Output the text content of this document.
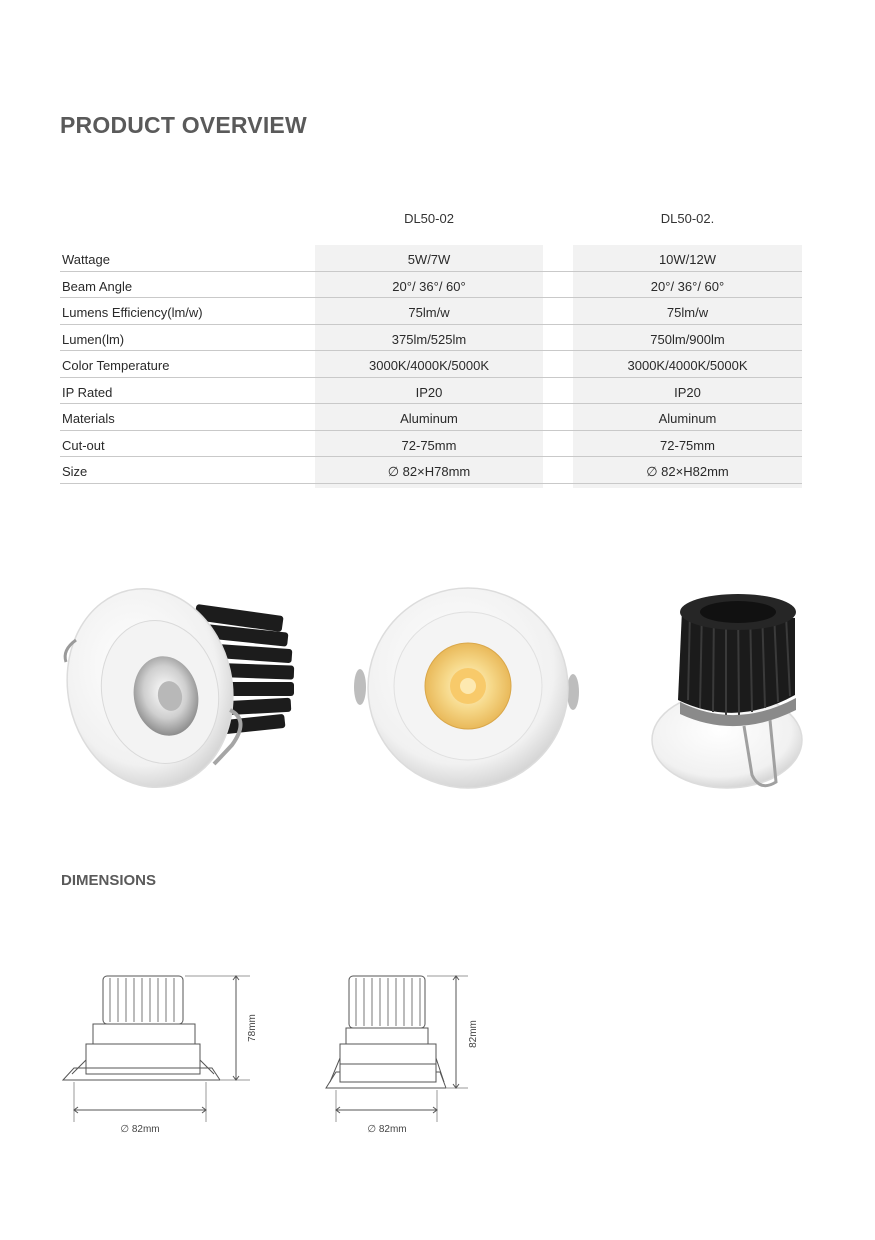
PRODUCT OVERVIEW
DL50-02	DL50-02.
Wattage	5W/7W	10W/12W
Beam Angle	20°/ 36°/ 60°	20°/ 36°/ 60°
Lumens Efficiency(lm/w)	75lm/w	75lm/w
Lumen(lm)	375lm/525lm	750lm/900lm
Color Temperature	3000K/4000K/5000K	3000K/4000K/5000K
IP Rated	IP20	IP20
Materials	Aluminum	Aluminum
Cut-out	72-75mm	72-75mm
Size	∅ 82×H78mm	∅ 82×H82mm
DIMENSIONS
78mm
∅ 82mm
82mm
∅ 82mm
